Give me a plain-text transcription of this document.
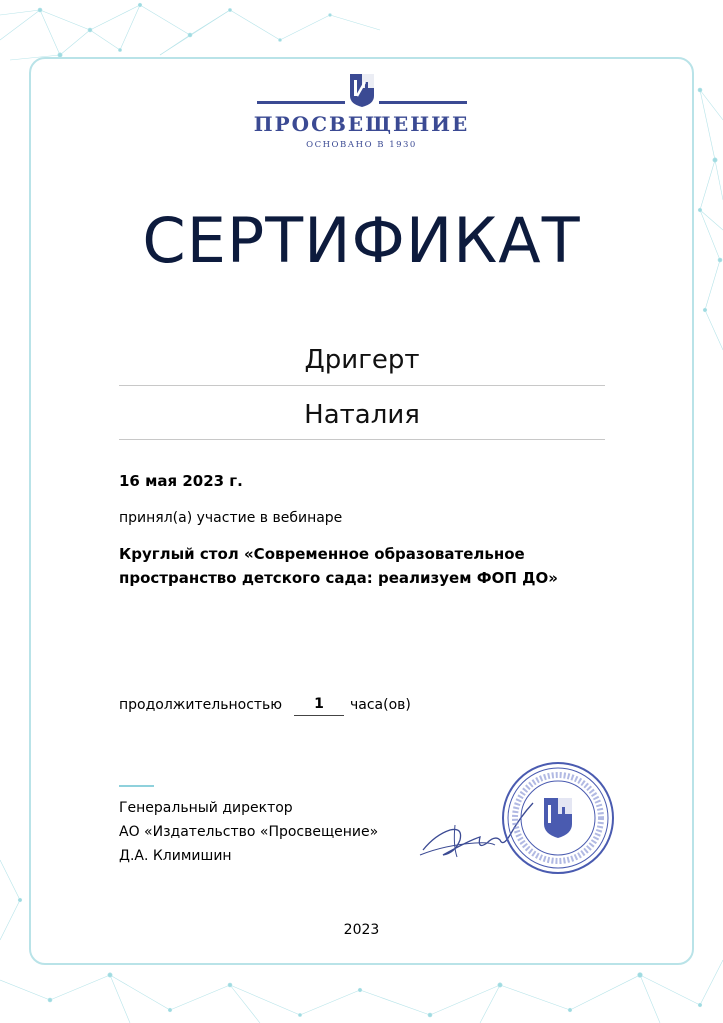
ПРОСВЕЩЕНИЕ
ОСНОВАНО В 1930
СЕРТИФИКАТ
Дригерт
Наталия
16 мая 2023 г.
принял(а) участие в вебинаре
Круглый стол «Современное образовательное
пространство детского сада: реализуем ФОП ДО»
продолжительностью	1	часа(ов)
Генеральный директор
АО «Издательство «Просвещение»
Д.А. Климишин
2023
